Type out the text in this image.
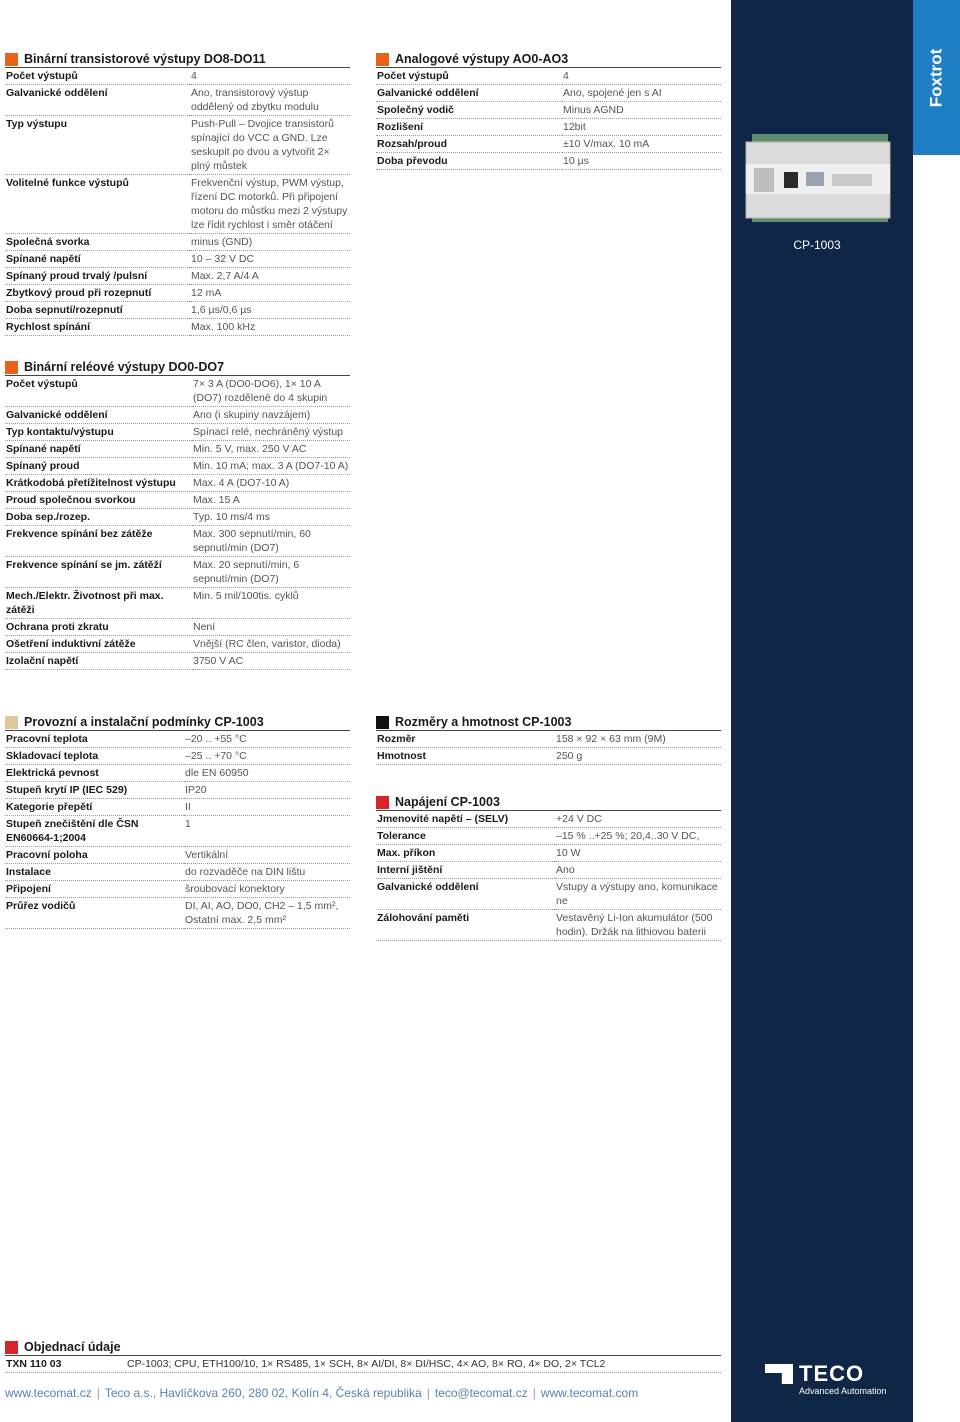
Foxtrot
CP-1003
TECO
Advanced Automation
Binární transistorové výstupy DO8-DO11
Počet výstupů	4
Galvanické oddělení	Ano, transistorový výstup oddělený od zbytku modulu
Typ výstupu	Push-Pull – Dvojice transistorů spínající do VCC a GND. Lze seskupit po dvou a vytvořit 2× plný můstek
Volitelné funkce výstupů	Frekvenční výstup, PWM výstup, řízení DC motorků. Při připojení motoru do můstku mezi 2 výstupy lze řídit rychlost i směr otáčení
Společná svorka	minus (GND)
Spínané napětí	10 – 32 V DC
Spínaný proud trvalý /pulsní	Max. 2,7 A/4 A
Zbytkový proud při rozepnutí	12 mA
Doba sepnutí/rozepnutí	1,6 µs/0,6 µs
Rychlost spínání	Max. 100 kHz
Analogové výstupy AO0-AO3
Počet výstupů	4
Galvanické oddělení	Ano, spojené jen s AI
Společný vodič	Minus AGND
Rozlišení	12bit
Rozsah/proud	±10 V/max. 10 mA
Doba převodu	10 µs
Binární reléové výstupy DO0-DO7
Počet výstupů	7× 3 A (DO0-DO6), 1× 10 A (DO7) rozdělené do 4 skupin
Galvanické oddělení	Ano (i skupiny navzájem)
Typ kontaktu/výstupu	Spínací relé, nechráněný výstup
Spínané napětí	Min. 5 V, max. 250 V AC
Spínaný proud	Min. 10 mA; max. 3 A (DO7-10 A)
Krátkodobá přetížitelnost výstupu	Max. 4 A (DO7-10 A)
Proud společnou svorkou	Max. 15 A
Doba sep./rozep.	Typ. 10 ms/4 ms
Frekvence spínání bez zátěže	Max. 300 sepnutí/min, 60 sepnutí/min (DO7)
Frekvence spínání se jm. zátěží	Max. 20 sepnutí/min, 6 sepnutí/min (DO7)
Mech./Elektr. Životnost při max. zátěži	Min. 5 mil/100tis. cyklů
Ochrana proti zkratu	Není
Ošetření induktivní zátěže	Vnější (RC člen, varistor, dioda)
Izolační napětí	3750 V AC
Provozní a instalační podmínky CP-1003
Pracovní teplota	–20 .. +55 °C
Skladovací teplota	–25 .. +70 °C
Elektrická pevnost	dle EN 60950
Stupeň krytí IP (IEC 529)	IP20
Kategorie přepětí	II
Stupeň znečištění dle ČSN EN60664-1;2004	1
Pracovní poloha	Vertikální
Instalace	do rozvaděče na DIN lištu
Připojení	šroubovací konektory
Průřez vodičů	DI, AI, AO, DO0, CH2 – 1,5 mm², Ostatní max. 2,5 mm²
Rozměry a hmotnost CP-1003
Rozměr	158 × 92 × 63 mm (9M)
Hmotnost	250 g
Napájení CP-1003
Jmenovité napětí – (SELV)	+24 V DC
Tolerance	–15 % ..+25 %; 20,4..30 V DC,
Max. příkon	10 W
Interní jištění	Ano
Galvanické oddělení	Vstupy a výstupy ano, komunikace ne
Zálohování paměti	Vestavěný Li-Ion akumulátor (500 hodin). Držák na lithiovou baterii
Objednací údaje
TXN 110 03	CP-1003; CPU, ETH100/10, 1× RS485, 1× SCH, 8× AI/DI, 8× DI/HSC, 4× AO, 8× RO, 4× DO, 2× TCL2
www.tecomat.cz | Teco a.s., Havlíčkova 260, 280 02, Kolín 4, Česká republika | teco@tecomat.cz | www.tecomat.com	13
